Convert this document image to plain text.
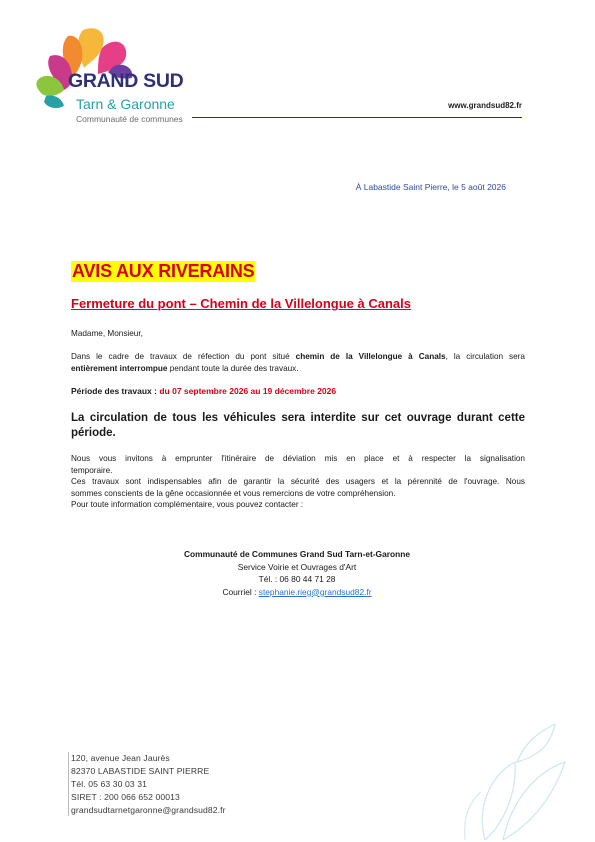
GRAND SUD
Tarn & Garonne
Communauté de communes
www.grandsud82.fr
À Labastide Saint Pierre, le 5 août 2026
AVIS AUX RIVERAINS
Fermeture du pont – Chemin de la Villelongue à Canals
Madame, Monsieur,
Dans le cadre de travaux de réfection du pont situé chemin de la Villelongue à Canals, la circulation sera
entièrement interrompue pendant toute la durée des travaux.
Période des travaux : du 07 septembre 2026 au 19 décembre 2026
La circulation de tous les véhicules sera interdite sur cet ouvrage durant cette période.
Nous vous invitons à emprunter l'itinéraire de déviation mis en place et à respecter la signalisation
temporaire.
Ces travaux sont indispensables afin de garantir la sécurité des usagers et la pérennité de l'ouvrage. Nous
sommes conscients de la gêne occasionnée et vous remercions de votre compréhension.
Pour toute information complémentaire, vous pouvez contacter :
Communauté de Communes Grand Sud Tarn-et-Garonne
Service Voirie et Ouvrages d'Art
Tél. : 06 80 44 71 28
Courriel : stephanie.rieg@grandsud82.fr
120, avenue Jean Jaurès
82370 LABASTIDE SAINT PIERRE
Tél. 05 63 30 03 31
SIRET : 200 066 652 00013
grandsudtarnetgaronne@grandsud82.fr
